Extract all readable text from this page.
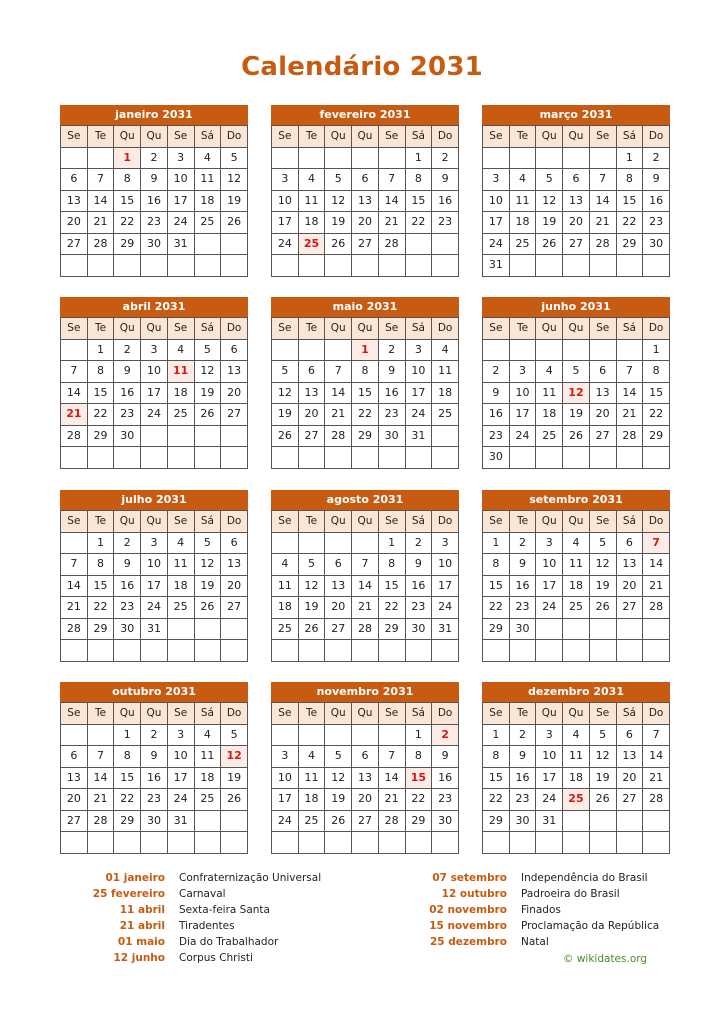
Calendário 2031
janeiro 2031
Se	Te	Qu	Qu	Se	Sá	Do
		1	2	3	4	5
6	7	8	9	10	11	12
13	14	15	16	17	18	19
20	21	22	23	24	25	26
27	28	29	30	31		

fevereiro 2031
Se	Te	Qu	Qu	Se	Sá	Do
					1	2
3	4	5	6	7	8	9
10	11	12	13	14	15	16
17	18	19	20	21	22	23
24	25	26	27	28		

março 2031
Se	Te	Qu	Qu	Se	Sá	Do
					1	2
3	4	5	6	7	8	9
10	11	12	13	14	15	16
17	18	19	20	21	22	23
24	25	26	27	28	29	30
31						
abril 2031
Se	Te	Qu	Qu	Se	Sá	Do
	1	2	3	4	5	6
7	8	9	10	11	12	13
14	15	16	17	18	19	20
21	22	23	24	25	26	27
28	29	30				

maio 2031
Se	Te	Qu	Qu	Se	Sá	Do
			1	2	3	4
5	6	7	8	9	10	11
12	13	14	15	16	17	18
19	20	21	22	23	24	25
26	27	28	29	30	31	

junho 2031
Se	Te	Qu	Qu	Se	Sá	Do
						1
2	3	4	5	6	7	8
9	10	11	12	13	14	15
16	17	18	19	20	21	22
23	24	25	26	27	28	29
30						
julho 2031
Se	Te	Qu	Qu	Se	Sá	Do
	1	2	3	4	5	6
7	8	9	10	11	12	13
14	15	16	17	18	19	20
21	22	23	24	25	26	27
28	29	30	31			

agosto 2031
Se	Te	Qu	Qu	Se	Sá	Do
				1	2	3
4	5	6	7	8	9	10
11	12	13	14	15	16	17
18	19	20	21	22	23	24
25	26	27	28	29	30	31

setembro 2031
Se	Te	Qu	Qu	Se	Sá	Do
1	2	3	4	5	6	7
8	9	10	11	12	13	14
15	16	17	18	19	20	21
22	23	24	25	26	27	28
29	30					

outubro 2031
Se	Te	Qu	Qu	Se	Sá	Do
		1	2	3	4	5
6	7	8	9	10	11	12
13	14	15	16	17	18	19
20	21	22	23	24	25	26
27	28	29	30	31		

novembro 2031
Se	Te	Qu	Qu	Se	Sá	Do
					1	2
3	4	5	6	7	8	9
10	11	12	13	14	15	16
17	18	19	20	21	22	23
24	25	26	27	28	29	30

dezembro 2031
Se	Te	Qu	Qu	Se	Sá	Do
1	2	3	4	5	6	7
8	9	10	11	12	13	14
15	16	17	18	19	20	21
22	23	24	25	26	27	28
29	30	31				

01 janeiro Confraternização Universal
25 fevereiro Carnaval
11 abril Sexta-feira Santa
21 abril Tiradentes
01 maio Dia do Trabalhador
12 junho Corpus Christi
07 setembro Independência do Brasil
12 outubro Padroeira do Brasil
02 novembro Finados
15 novembro Proclamação da República
25 dezembro Natal
© wikidates.org
